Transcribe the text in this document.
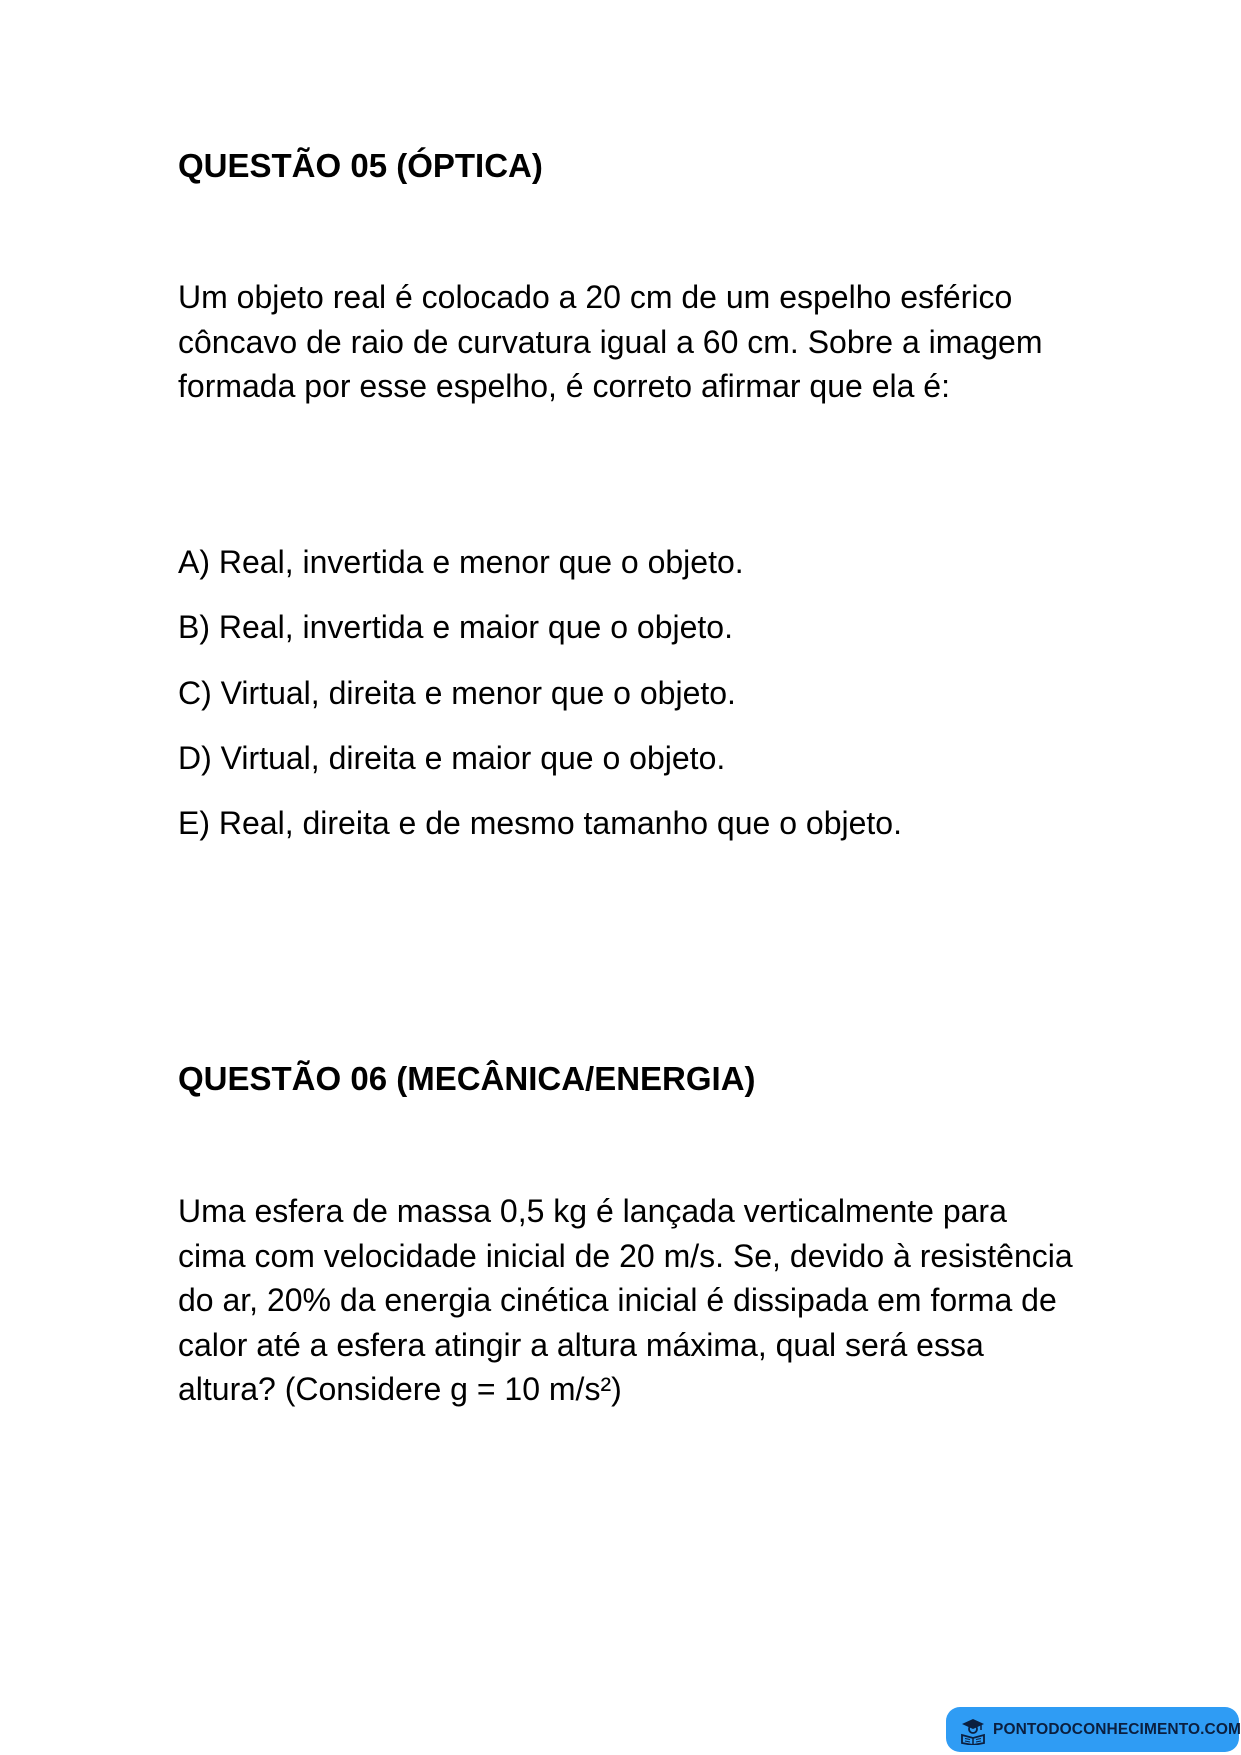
QUESTÃO 05 (ÓPTICA)

Um objeto real é colocado a 20 cm de um espelho esférico côncavo de raio de curvatura igual a 60 cm. Sobre a imagem formada por esse espelho, é correto afirmar que ela é:

A) Real, invertida e menor que o objeto.
B) Real, invertida e maior que o objeto.
C) Virtual, direita e menor que o objeto.
D) Virtual, direita e maior que o objeto.
E) Real, direita e de mesmo tamanho que o objeto.
QUESTÃO 06 (MECÂNICA/ENERGIA)

Uma esfera de massa 0,5 kg é lançada verticalmente para cima com velocidade inicial de 20 m/s. Se, devido à resistência do ar, 20% da energia cinética inicial é dissipada em forma de calor até a esfera atingir a altura máxima, qual será essa altura? (Considere g = 10 m/s²)

PONTODOCONHECIMENTO.COM
